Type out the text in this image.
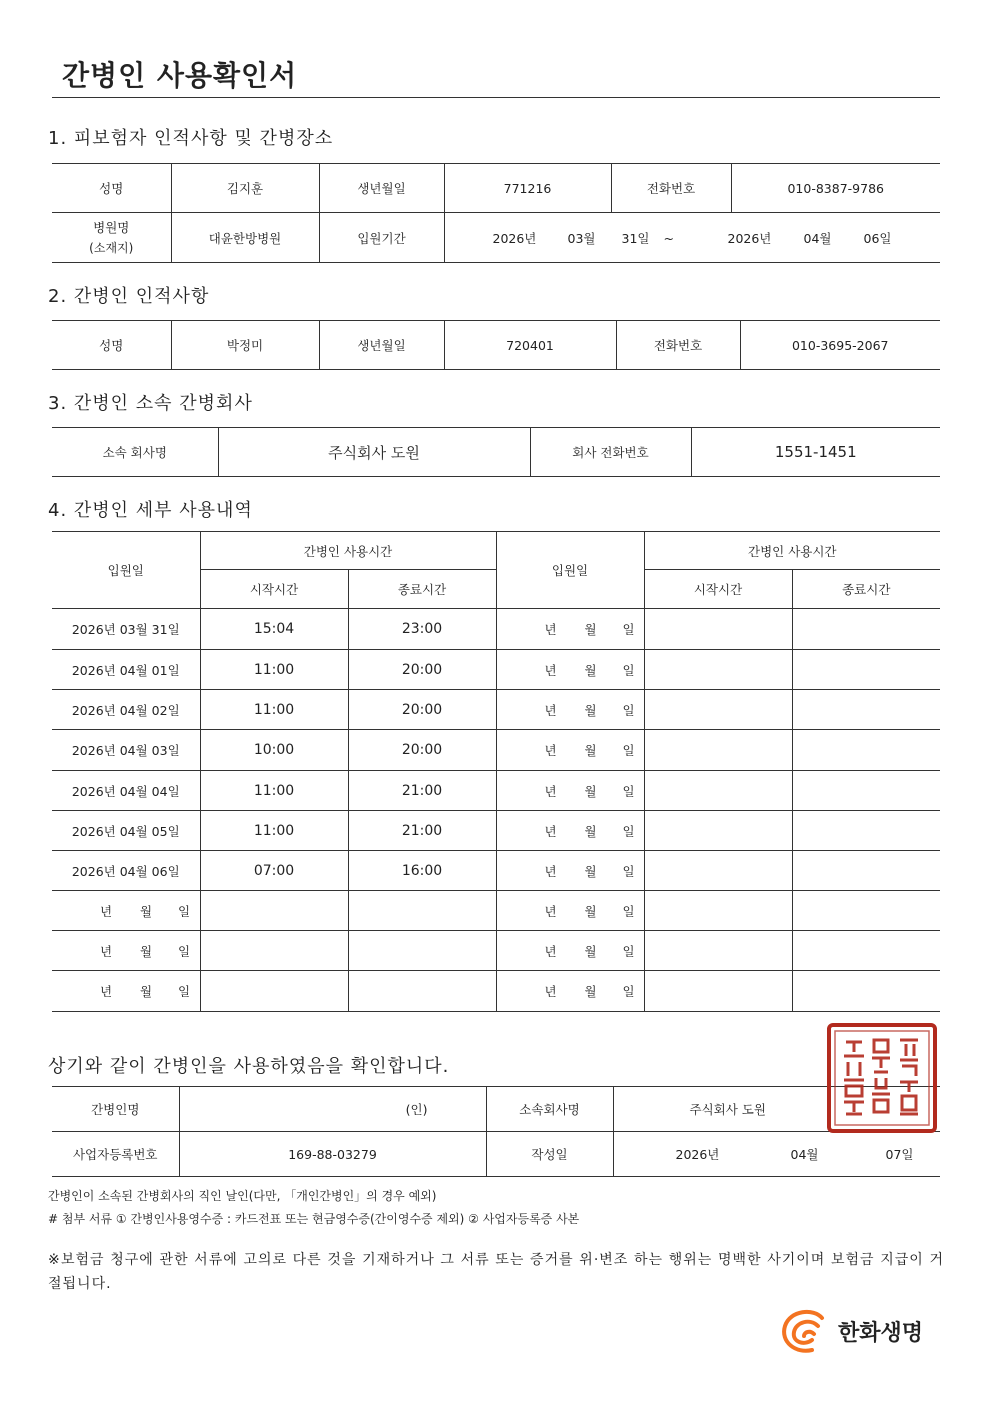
간병인 사용확인서
1. 피보험자 인적사항 및 간병장소
성명	김지훈	생년월일	771216	전화번호	010-8387-9786

병원명
(소재지)	대윤한방병원	입원기간	2026년 03월 31일 ~ 2026년 04월 06일		
2. 간병인 인적사항
성명	박정미	생년월일	720401	전화번호	010-3695-2067
3. 간병인 소속 간병회사
소속 회사명	주식회사 도원	회사 전화번호	1551-1451
4. 간병인 세부 사용내역
입원일	간병인 사용시간		입원일	간병인 사용시간	
	시작시간	종료시간		시작시간	종료시간
2026년 03월 31일	15:04	23:00	년 월 일		

2026년 04월 01일	11:00	20:00	년 월 일		

2026년 04월 02일	11:00	20:00	년 월 일		

2026년 04월 03일	10:00	20:00	년 월 일		

2026년 04월 04일	11:00	21:00	년 월 일		

2026년 04월 05일	11:00	21:00	년 월 일		

2026년 04월 06일	07:00	16:00	년 월 일		

년 월 일			년 월 일		

년 월 일			년 월 일		

년 월 일			년 월 일		

상기와 같이 간병인을 사용하였음을 확인합니다.
간병인명	(인)	소속회사명	주식회사 도원
사업자등록번호	169-88-03279	작성일	2026년 04월 07일
간병인이 소속된 간병회사의 직인 날인(다만, 「개인간병인」의 경우 예외)
# 첨부 서류 ① 간병인사용영수증 : 카드전표 또는 현금영수증(간이영수증 제외) ② 사업자등록증 사본
※보험금 청구에 관한 서류에 고의로 다른 것을 기재하거나 그 서류 또는 증거를 위·변조 하는 행위는 명백한 사기이며 보험금 지급이 거절됩니다.
한화생명
